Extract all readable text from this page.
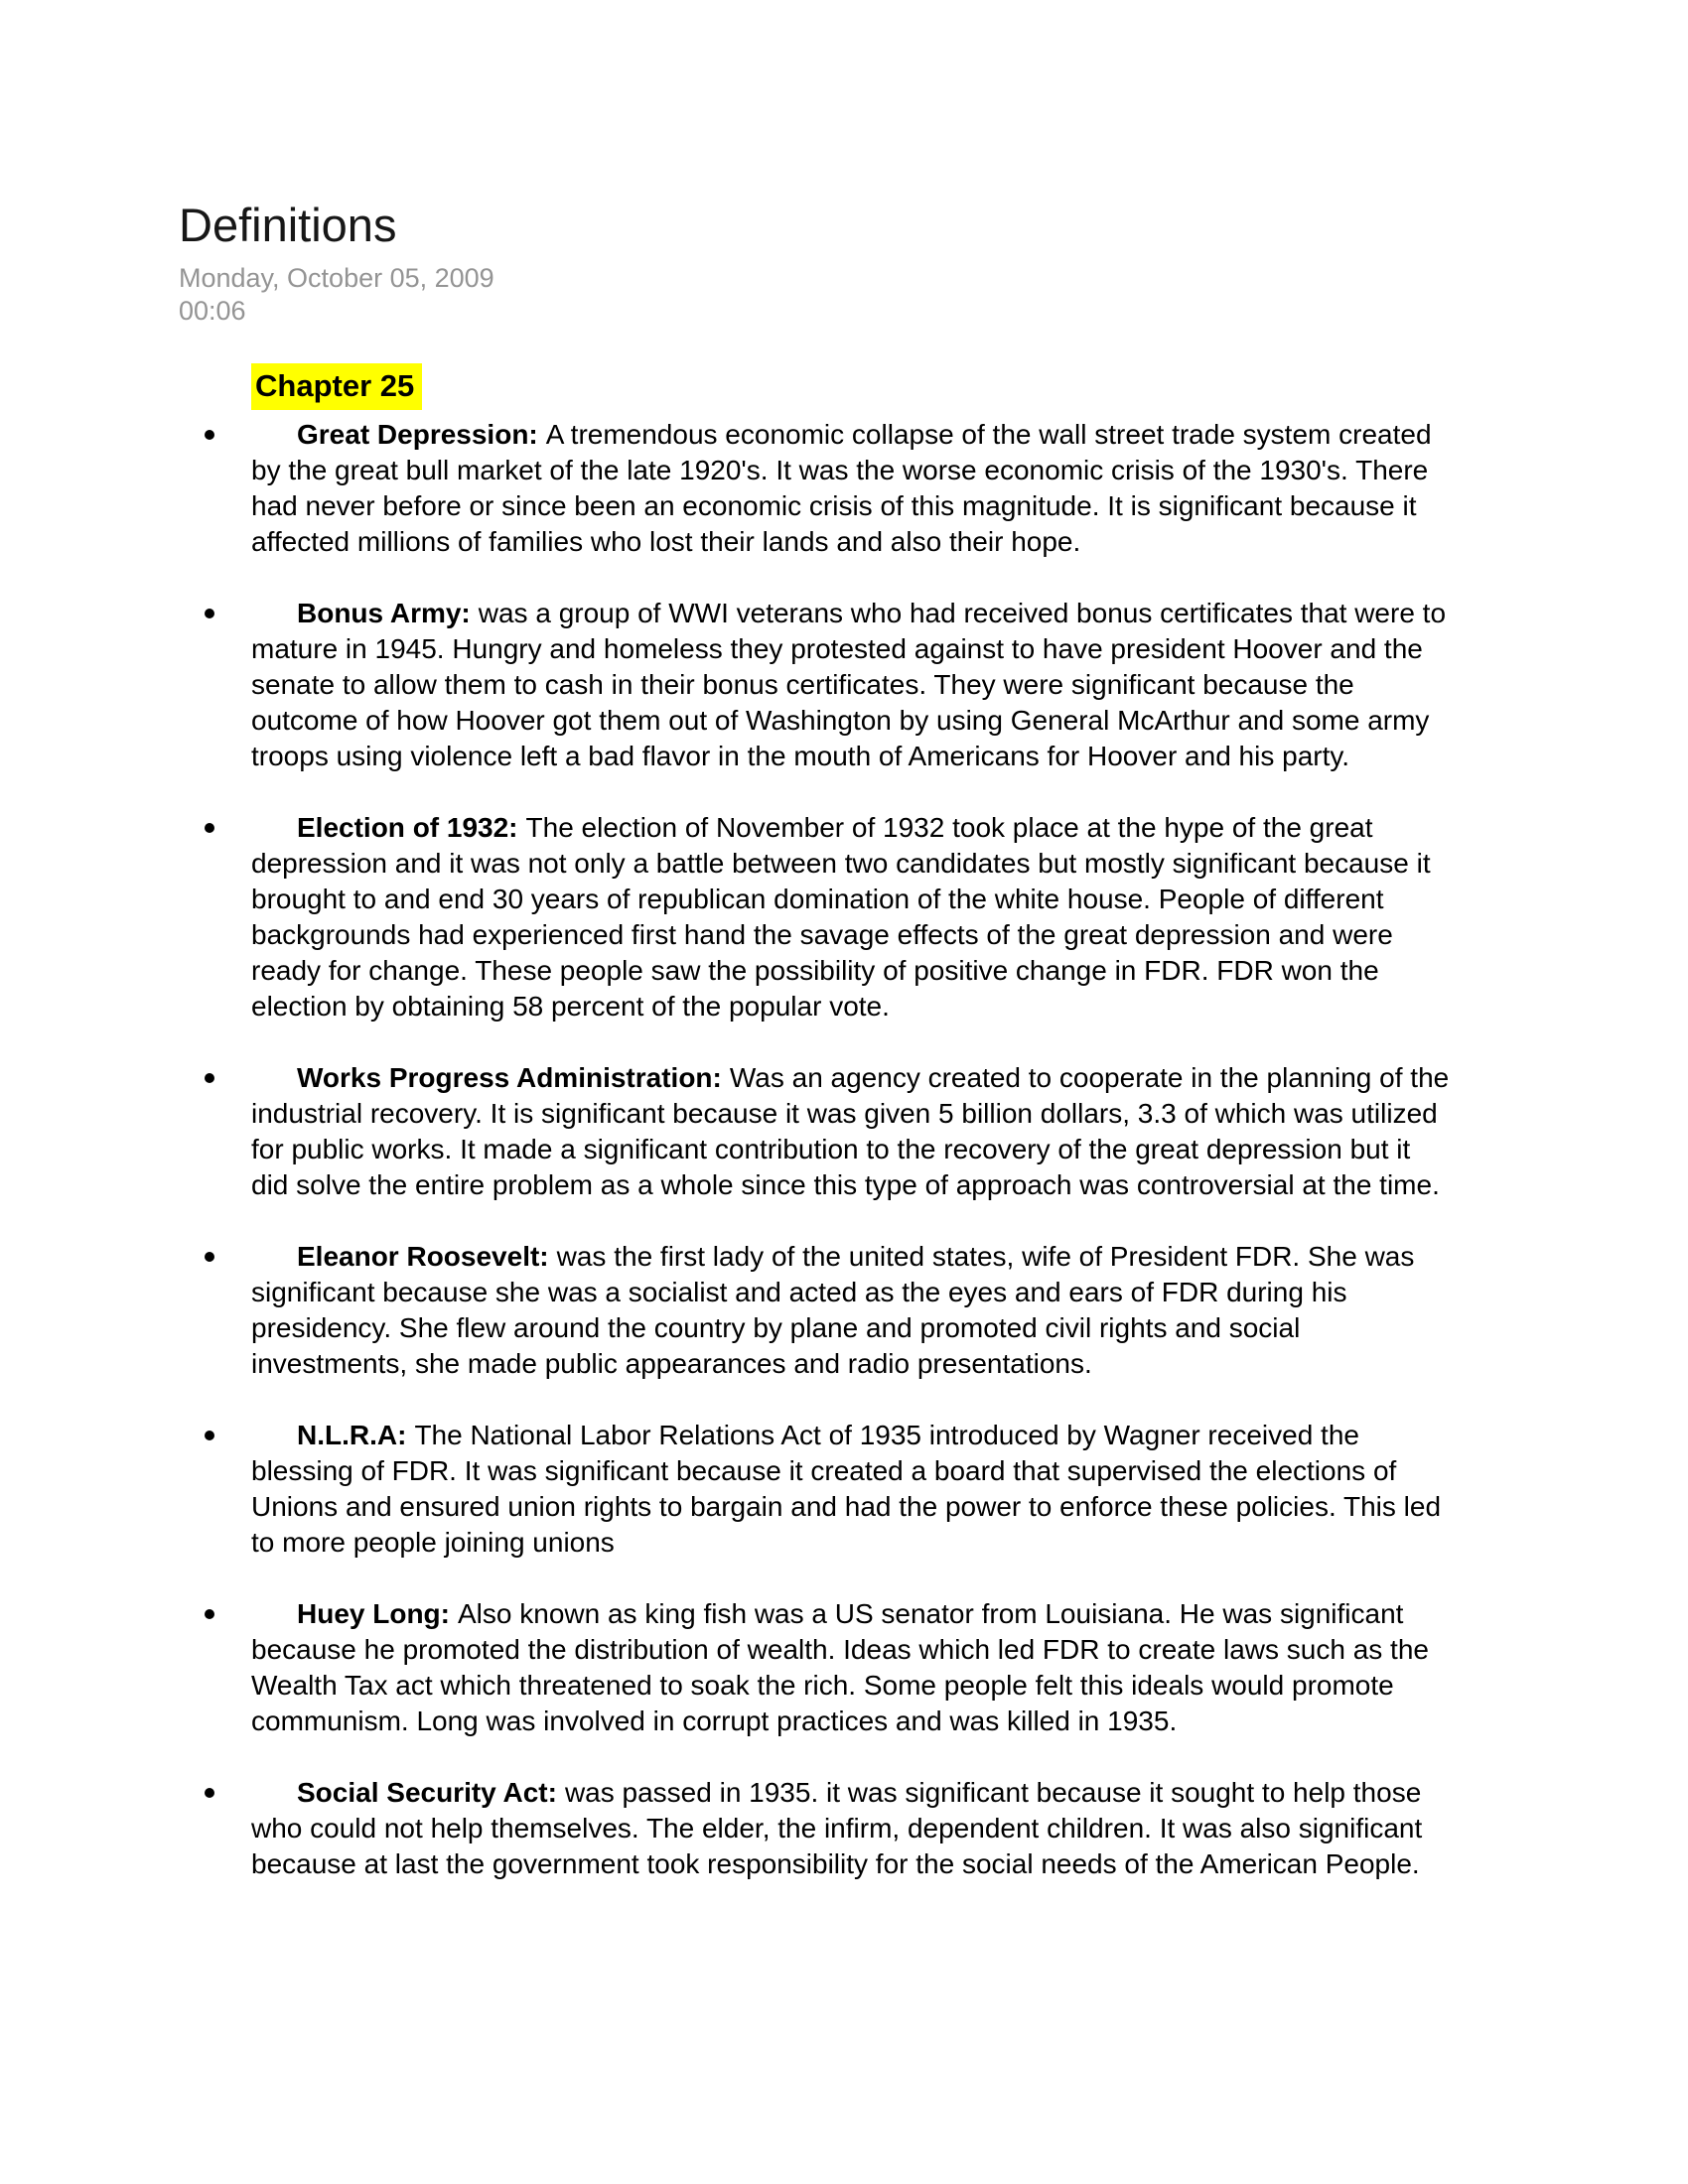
Definitions
Monday, October 05, 2009
00:06
Chapter 25
Great Depression: A tremendous economic collapse of the wall street trade system created by the great bull market of the late 1920's. It was the worse economic crisis of the 1930's. There had never before or since been an economic crisis of this magnitude. It is significant because it affected millions of families who lost their lands and also their hope.
Bonus Army: was a group of WWI veterans who had received bonus certificates that were to mature in 1945. Hungry and homeless they protested against to have president Hoover and the senate to allow them to cash in their bonus certificates. They were significant because the outcome of how Hoover got them out of Washington by using General McArthur and some army troops using violence left a bad flavor in the mouth of Americans for Hoover and his party.
Election of 1932: The election of November of 1932 took place at the hype of the great depression and it was not only a battle between two candidates but mostly significant because it brought to and end 30 years of republican domination of the white house. People of different backgrounds had experienced first hand the savage effects of the great depression and were ready for change. These people saw the possibility of positive change in FDR. FDR won the election by obtaining 58 percent of the popular vote.
Works Progress Administration: Was an agency created to cooperate in the planning of the industrial recovery. It is significant because it was given 5 billion dollars, 3.3 of which was utilized for public works. It made a significant contribution to the recovery of the great depression but it did solve the entire problem as a whole since this type of approach was controversial at the time.
Eleanor Roosevelt: was the first lady of the united states, wife of President FDR. She was significant because she was a socialist and acted as the eyes and ears of FDR during his presidency. She flew around the country by plane and promoted civil rights and social investments, she made public appearances and radio presentations.
N.L.R.A: The National Labor Relations Act of 1935 introduced by Wagner received the blessing of FDR. It was significant because it created a board that supervised the elections of Unions and ensured union rights to bargain and had the power to enforce these policies. This led to more people joining unions
Huey Long: Also known as king fish was a US senator from Louisiana. He was significant because he promoted the distribution of wealth. Ideas which led FDR to create laws such as the Wealth Tax act which threatened to soak the rich. Some people felt this ideals would promote communism. Long was involved in corrupt practices and was killed in 1935.
Social Security Act: was passed in 1935. it was significant because it sought to help those who could not help themselves. The elder, the infirm, dependent children. It was also significant because at last the government took responsibility for the social needs of the American People.
